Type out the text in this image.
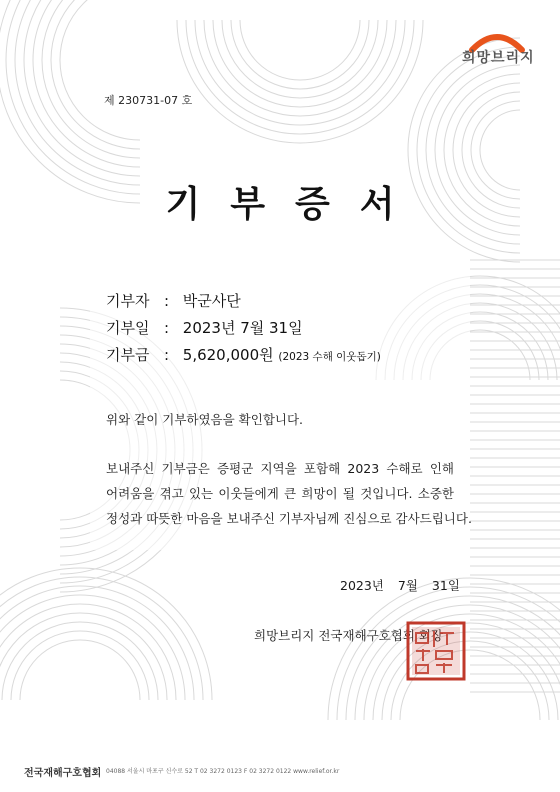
희망브리지
제 230731-07 호
기부증서
기부자 : 박군사단
기부일 : 2023년 7월 31일
기부금 : 5,620,000원 (2023 수해 이웃돕기)
위와 같이 기부하였음을 확인합니다.
보내주신 기부금은 증평군 지역을 포함해 2023 수해로 인해
어려움을 겪고 있는 이웃들에게 큰 희망이 될 것입니다. 소중한
정성과 따뜻한 마음을 보내주신 기부자님께 진심으로 감사드립니다.
2023년 7월 31일
희망브리지 전국재해구호협회 회장
전국재해구호협회 04088 서울시 마포구 신수로 52 T 02 3272 0123 F 02 3272 0122 www.relief.or.kr
